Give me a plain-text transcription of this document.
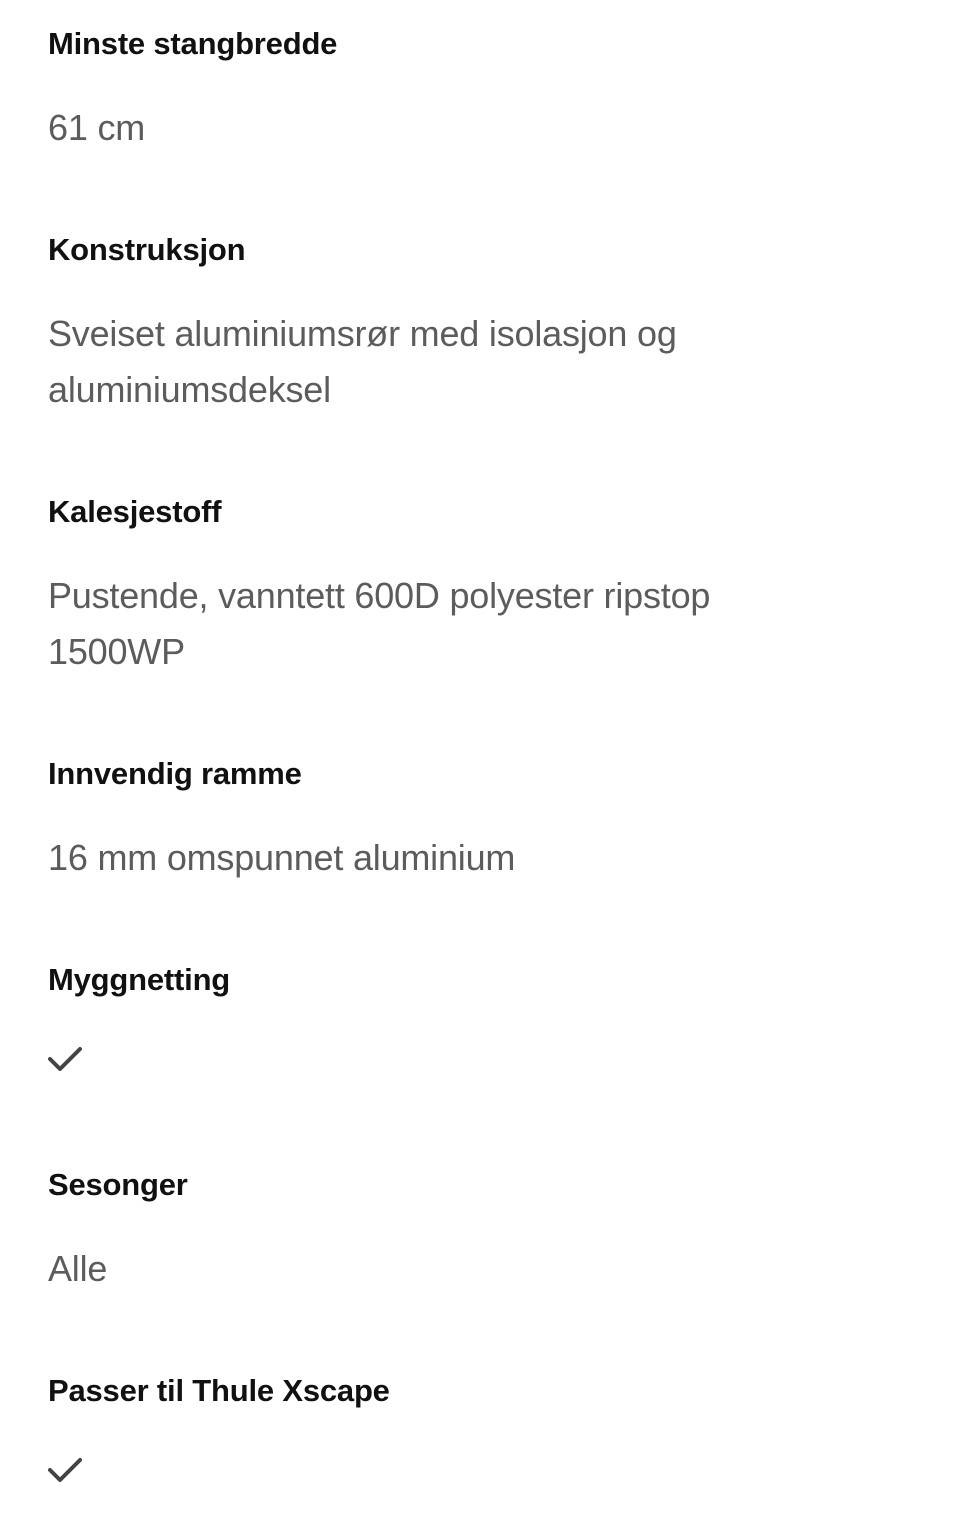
Minste stangbredde
61 cm
Konstruksjon
Sveiset aluminiumsrør med isolasjon og aluminiumsdeksel
Kalesjestoff
Pustende, vanntett 600D polyester ripstop 1500WP
Innvendig ramme
16 mm omspunnet aluminium
Myggnetting
Sesonger
Alle
Passer til Thule Xscape
